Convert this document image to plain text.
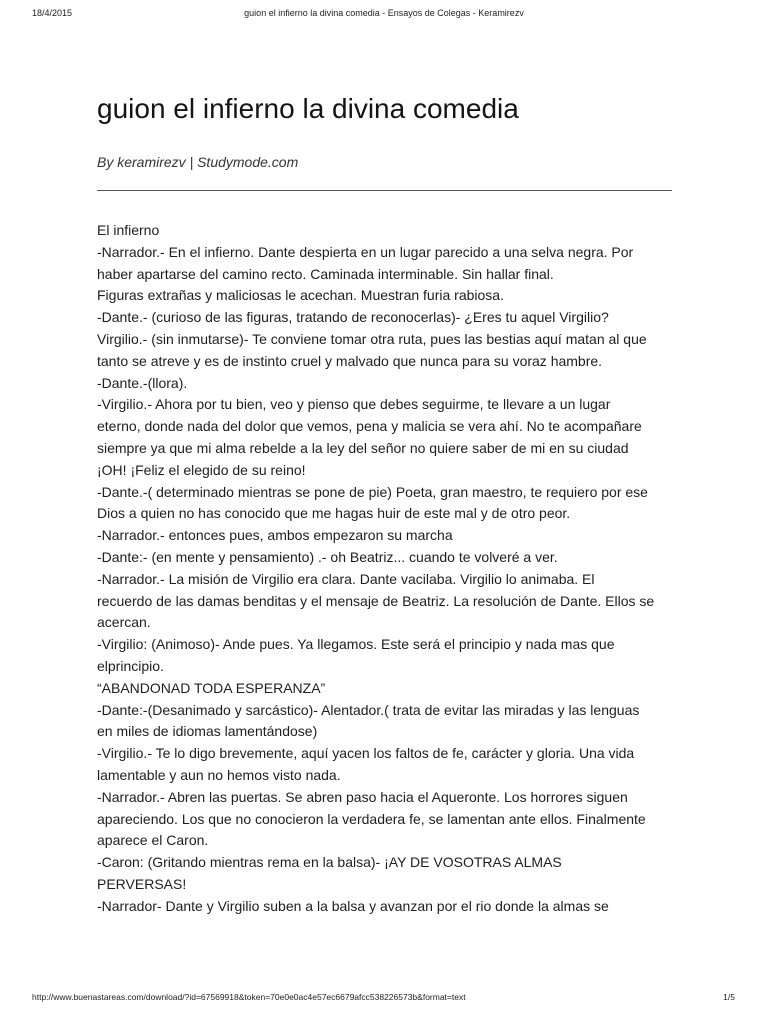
18/4/2015	guion el infierno la divina comedia - Ensayos de Colegas - Keramirezv
guion el infierno la divina comedia
By keramirezv | Studymode.com
El infierno
-Narrador.- En el infierno. Dante despierta en un lugar parecido a una selva negra. Por
haber apartarse del camino recto. Caminada interminable. Sin hallar final.
Figuras extrañas y maliciosas le acechan. Muestran furia rabiosa.
-Dante.- (curioso de las figuras, tratando de reconocerlas)- ¿Eres tu aquel Virgilio?
Virgilio.- (sin inmutarse)- Te conviene tomar otra ruta, pues las bestias aquí matan al que
tanto se atreve y es de instinto cruel y malvado que nunca para su voraz hambre.
-Dante.-(llora).
-Virgilio.- Ahora por tu bien, veo y pienso que debes seguirme, te llevare a un lugar
eterno, donde nada del dolor que vemos, pena y malicia se vera ahí. No te acompañare
siempre ya que mi alma rebelde a la ley del señor no quiere saber de mi en su ciudad
¡OH! ¡Feliz el elegido de su reino!
-Dante.-( determinado mientras se pone de pie) Poeta, gran maestro, te requiero por ese
Dios a quien no has conocido que me hagas huir de este mal y de otro peor.
-Narrador.- entonces pues, ambos empezaron su marcha
-Dante:- (en mente y pensamiento) .- oh Beatriz... cuando te volveré a ver.
-Narrador.- La misión de Virgilio era clara. Dante vacilaba. Virgilio lo animaba. El
recuerdo de las damas benditas y el mensaje de Beatriz. La resolución de Dante. Ellos se
acercan.
-Virgilio: (Animoso)- Ande pues. Ya llegamos. Este será el principio y nada mas que
elprincipio.
“ABANDONAD TODA ESPERANZA”
-Dante:-(Desanimado y sarcástico)- Alentador.( trata de evitar las miradas y las lenguas
en miles de idiomas lamentándose)
-Virgilio.- Te lo digo brevemente, aquí yacen los faltos de fe, carácter y gloria. Una vida
lamentable y aun no hemos visto nada.
-Narrador.- Abren las puertas. Se abren paso hacia el Aqueronte. Los horrores siguen
apareciendo. Los que no conocieron la verdadera fe, se lamentan ante ellos. Finalmente
aparece el Caron.
-Caron: (Gritando mientras rema en la balsa)- ¡AY DE VOSOTRAS ALMAS
PERVERSAS!
-Narrador- Dante y Virgilio suben a la balsa y avanzan por el rio donde la almas se
http://www.buenastareas.com/download/?id=67569918&token=70e0e0ac4e57ec6679afcc538226573b&format=text	1/5
